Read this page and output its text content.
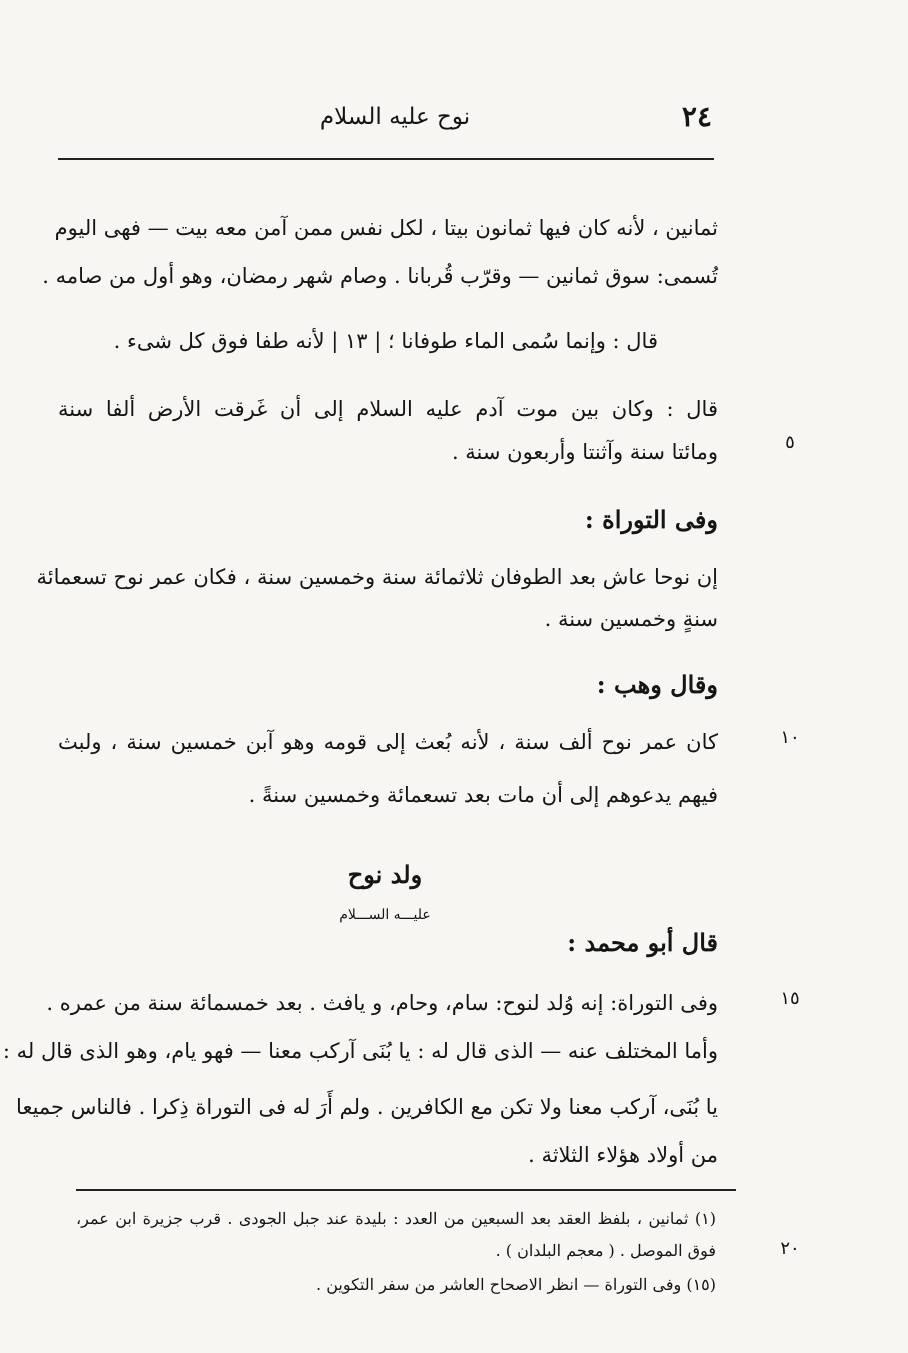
٢٤
نوح عليه السلام
ثمانين ، لأنه كان فيها ثمانون بيتا ، لكل نفس ممن آمن معه بيت — فهى اليوم
تُسمى: سوق ثمانين — وقرّب قُربانا . وصام شهر رمضان، وهو أول من صامه .
قال : وإنما سُمى الماء طوفانا ؛ | ١٣ | لأنه طفا فوق كل شىء .
قال : وكان بين موت آدم عليه السلام إلى أن غَرقت الأرض ألفا سنة
ومائتا سنة وآثنتا وأربعون سنة .
وفى التوراة :
إن نوحا عاش بعد الطوفان ثلاثمائة سنة وخمسين سنة ، فكان عمر نوح تسعمائة
سنةٍ وخمسين سنة .
وقال وهب :
كان عمر نوح ألف سنة ، لأنه بُعث إلى قومه وهو آبن خمسين سنة ، ولبث
فيهم يدعوهم إلى أن مات بعد تسعمائة وخمسين سنةً .
ولد نوح
عليـــه الســـلام
قال أبو محمد :
وفى التوراة: إنه وُلد لنوح: سام، وحام، و يافث . بعد خمسمائة سنة من عمره .
وأما المختلف عنه — الذى قال له : يا بُنَى آركب معنا — فهو يام، وهو الذى قال له :
يا بُنَى، آركب معنا ولا تكن مع الكافرين . ولم أَرَ له فى التوراة ذِكرا . فالناس جميعا
من أولاد هؤلاء الثلاثة .
٥
١٠
١٥
٢٠
(١) ثمانين ، بلفظ العقد بعد السبعين من العدد : بليدة عند جبل الجودى . قرب جزيرة ابن عمر،
فوق الموصل . ( معجم البلدان ) .
(١٥) وفى التوراة — انظر الاصحاح العاشر من سفر التكوين .
